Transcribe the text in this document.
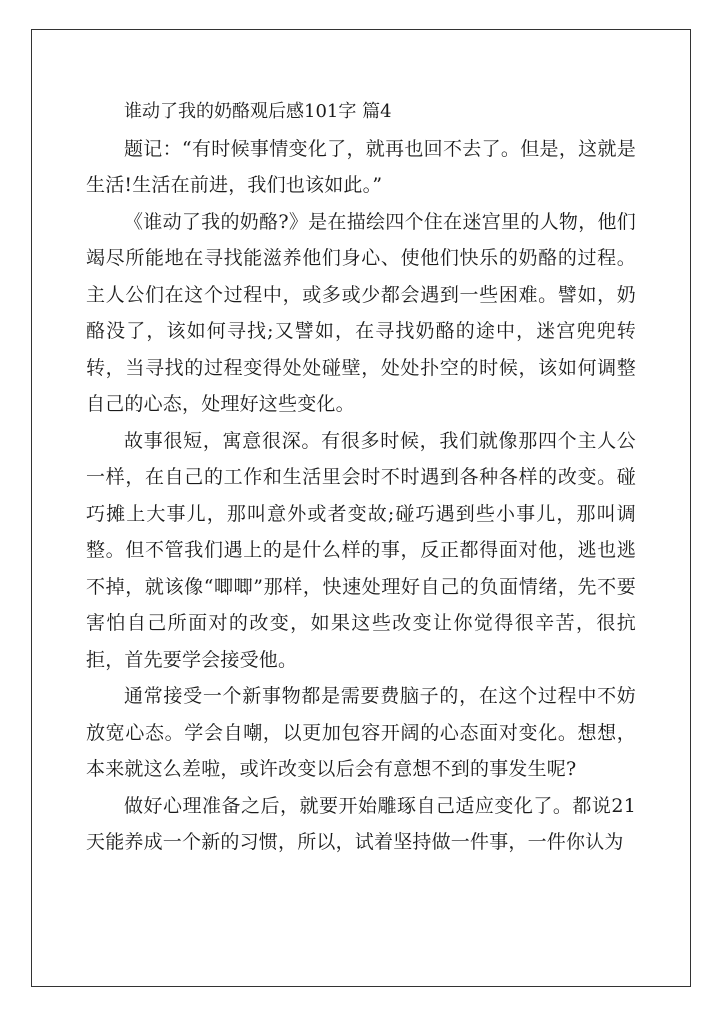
谁动了我的奶酪观后感101字 篇4

题记：“有时候事情变化了，就再也回不去了。但是，这就是生活!生活在前进，我们也该如此。”

《谁动了我的奶酪?》是在描绘四个住在迷宫里的人物，他们竭尽所能地在寻找能滋养他们身心、使他们快乐的奶酪的过程。主人公们在这个过程中，或多或少都会遇到一些困难。譬如，奶酪没了，该如何寻找;又譬如，在寻找奶酪的途中，迷宫兜兜转转，当寻找的过程变得处处碰壁，处处扑空的时候，该如何调整自己的心态，处理好这些变化。

故事很短，寓意很深。有很多时候，我们就像那四个主人公一样，在自己的工作和生活里会时不时遇到各种各样的改变。碰巧摊上大事儿，那叫意外或者变故;碰巧遇到些小事儿，那叫调整。但不管我们遇上的是什么样的事，反正都得面对他，逃也逃不掉，就该像“唧唧”那样，快速处理好自己的负面情绪，先不要害怕自己所面对的改变，如果这些改变让你觉得很辛苦，很抗拒，首先要学会接受他。

通常接受一个新事物都是需要费脑子的，在这个过程中不妨放宽心态。学会自嘲，以更加包容开阔的心态面对变化。想想，本来就这么差啦，或许改变以后会有意想不到的事发生呢?

做好心理准备之后，就要开始雕琢自己适应变化了。都说21天能养成一个新的习惯，所以，试着坚持做一件事，一件你认为
